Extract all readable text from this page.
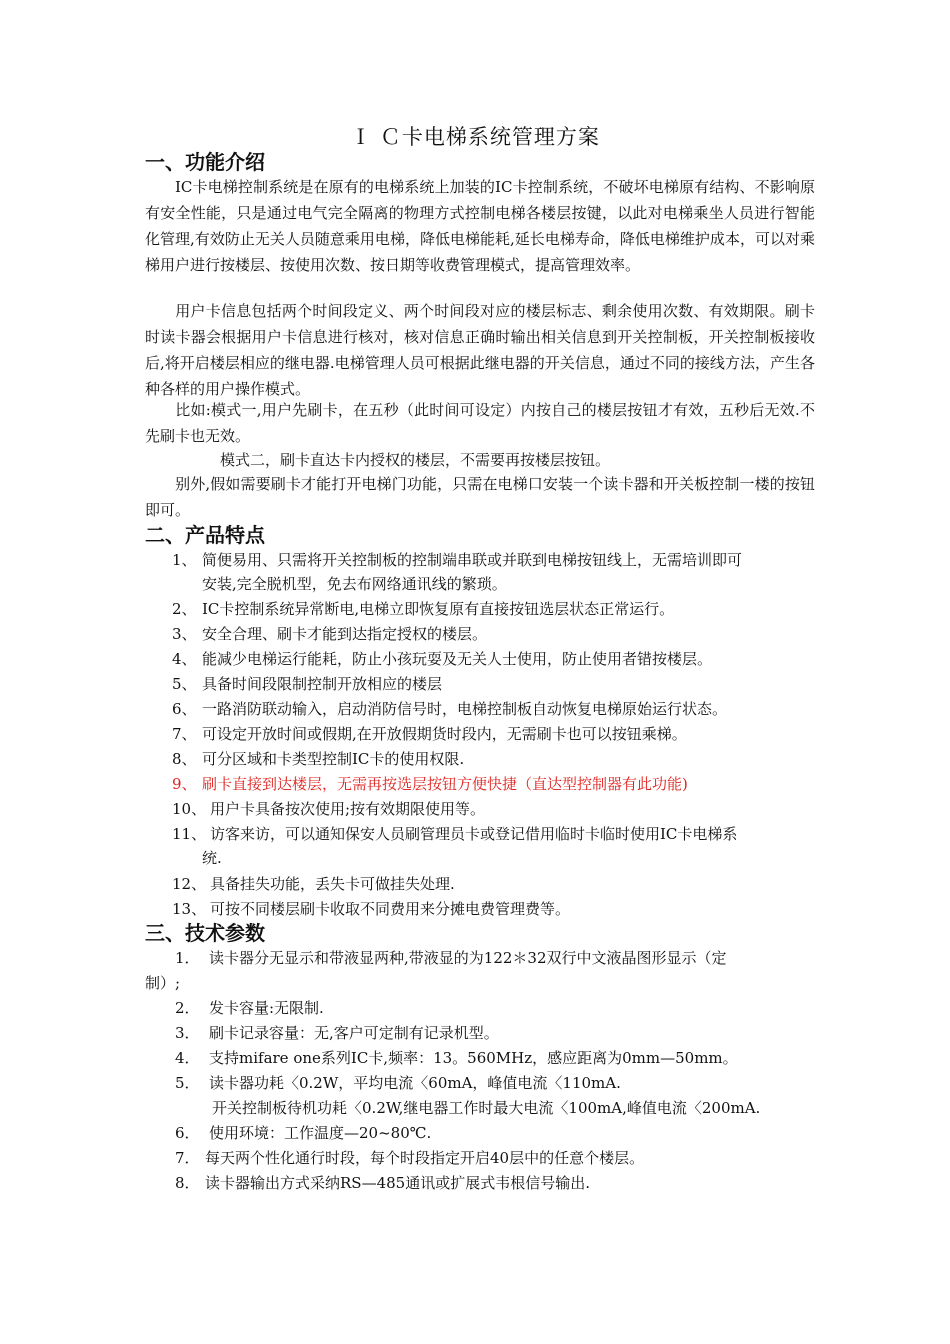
Ｉ Ｃ卡电梯系统管理方案
一、功能介绍
IC卡电梯控制系统是在原有的电梯系统上加装的IC卡控制系统，不破坏电梯原有结构、不影响原有安全性能，只是通过电气完全隔离的物理方式控制电梯各楼层按键，以此对电梯乘坐人员进行智能化管理,有效防止无关人员随意乘用电梯，降低电梯能耗,延长电梯寿命，降低电梯维护成本，可以对乘梯用户进行按楼层、按使用次数、按日期等收费管理模式，提高管理效率。
用户卡信息包括两个时间段定义、两个时间段对应的楼层标志、剩余使用次数、有效期限。刷卡时读卡器会根据用户卡信息进行核对，核对信息正确时输出相关信息到开关控制板，开关控制板接收后,将开启楼层相应的继电器.电梯管理人员可根据此继电器的开关信息，通过不同的接线方法，产生各种各样的用户操作模式。
比如:模式一,用户先刷卡，在五秒（此时间可设定）内按自己的楼层按钮才有效，五秒后无效.不先刷卡也无效。
模式二，刷卡直达卡内授权的楼层，不需要再按楼层按钮。
别外,假如需要刷卡才能打开电梯门功能，只需在电梯口安装一个读卡器和开关板控制一楼的按钮即可。
二、产品特点
1、 简便易用、只需将开关控制板的控制端串联或并联到电梯按钮线上，无需培训即可
安装,完全脱机型，免去布网络通讯线的繁琐。
2、 IC卡控制系统异常断电,电梯立即恢复原有直接按钮选层状态正常运行。
3、 安全合理、刷卡才能到达指定授权的楼层。
4、 能减少电梯运行能耗，防止小孩玩耍及无关人士使用，防止使用者错按楼层。
5、 具备时间段限制控制开放相应的楼层
6、 一路消防联动输入，启动消防信号时，电梯控制板自动恢复电梯原始运行状态。
7、 可设定开放时间或假期,在开放假期货时段内，无需刷卡也可以按钮乘梯。
8、 可分区域和卡类型控制IC卡的使用权限.
9、 刷卡直接到达楼层，无需再按选层按钮方便快捷（直达型控制器有此功能)
10、 用户卡具备按次使用;按有效期限使用等。
11、 访客来访，可以通知保安人员刷管理员卡或登记借用临时卡临时使用IC卡电梯系
统.
12、 具备挂失功能，丢失卡可做挂失处理.
13、 可按不同楼层刷卡收取不同费用来分摊电费管理费等。
三、技术参数
1． 读卡器分无显示和带液显两种,带液显的为122＊32双行中文液晶图形显示（定
制）;
2． 发卡容量:无限制.
3． 刷卡记录容量：无,客户可定制有记录机型。
4． 支持mifare one系列IC卡,频率：13。560MHz，感应距离为0mm—50mm。
5． 读卡器功耗〈0.2W，平均电流〈60mA，峰值电流〈110mA.
开关控制板待机功耗〈0.2W,继电器工作时最大电流〈100mA,峰值电流〈200mA.
6． 使用环境：工作温度—20~80℃.
7． 每天两个性化通行时段，每个时段指定开启40层中的任意个楼层。
8． 读卡器输出方式采纳RS—485通讯或扩展式韦根信号输出.
